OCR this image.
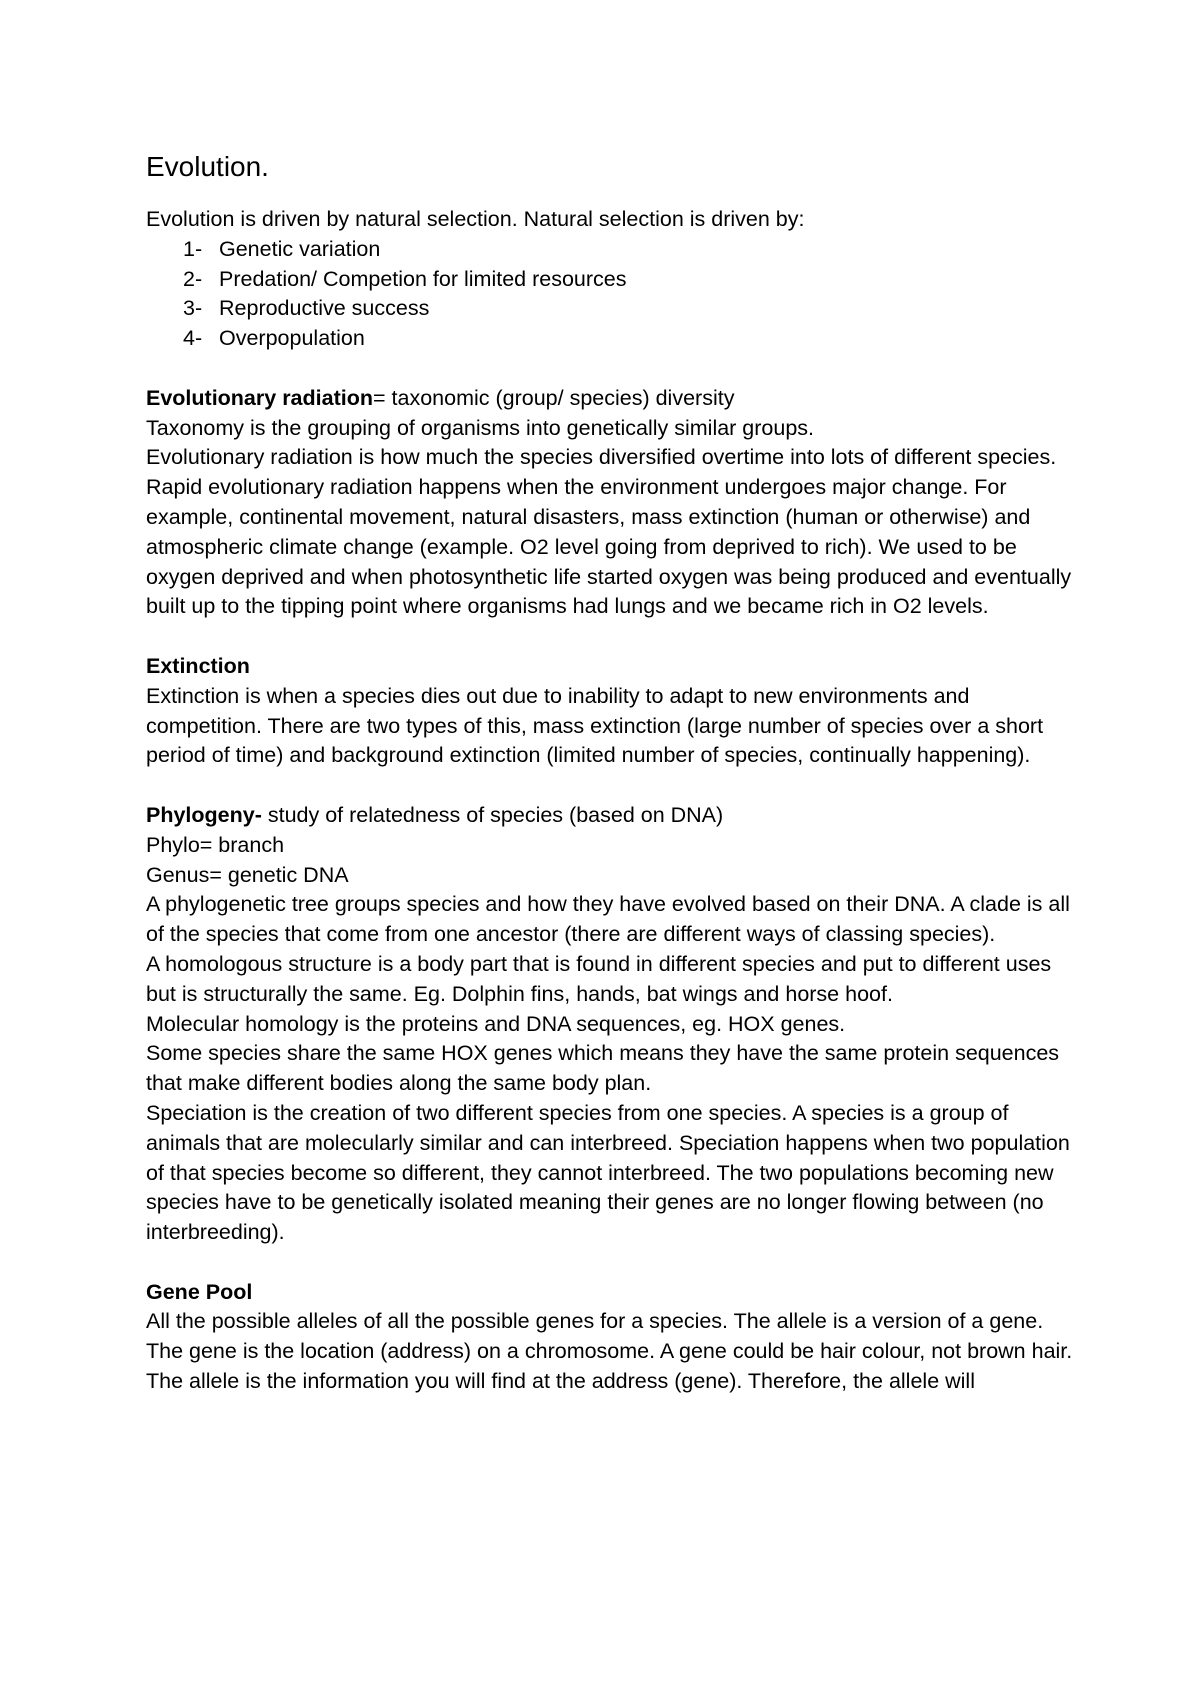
Evolution.

Evolution is driven by natural selection. Natural selection is driven by:

1- Genetic variation
2- Predation/ Competion for limited resources
3- Reproductive success
4- Overpopulation

Evolutionary radiation= taxonomic (group/ species) diversity

Taxonomy is the grouping of organisms into genetically similar groups.

Evolutionary radiation is how much the species diversified overtime into lots of different species.

Rapid evolutionary radiation happens when the environment undergoes major change. For example, continental movement, natural disasters, mass extinction (human or otherwise) and atmospheric climate change (example. O2 level going from deprived to rich). We used to be oxygen deprived and when photosynthetic life started oxygen was being produced and eventually built up to the tipping point where organisms had lungs and we became rich in O2 levels.

Extinction

Extinction is when a species dies out due to inability to adapt to new environments and competition. There are two types of this, mass extinction (large number of species over a short period of time) and background extinction (limited number of species, continually happening).

Phylogeny- study of relatedness of species (based on DNA)

Phylo= branch

Genus= genetic DNA

A phylogenetic tree groups species and how they have evolved based on their DNA. A clade is all of the species that come from one ancestor (there are different ways of classing species).

A homologous structure is a body part that is found in different species and put to different uses but is structurally the same. Eg. Dolphin fins, hands, bat wings and horse hoof.

Molecular homology is the proteins and DNA sequences, eg. HOX genes.

Some species share the same HOX genes which means they have the same protein sequences that make different bodies along the same body plan.

Speciation is the creation of two different species from one species. A species is a group of animals that are molecularly similar and can interbreed. Speciation happens when two population of that species become so different, they cannot interbreed. The two populations becoming new species have to be genetically isolated meaning their genes are no longer flowing between (no interbreeding).

Gene Pool

All the possible alleles of all the possible genes for a species. The allele is a version of a gene. The gene is the location (address) on a chromosome. A gene could be hair colour, not brown hair. The allele is the information you will find at the address (gene). Therefore, the allele will
